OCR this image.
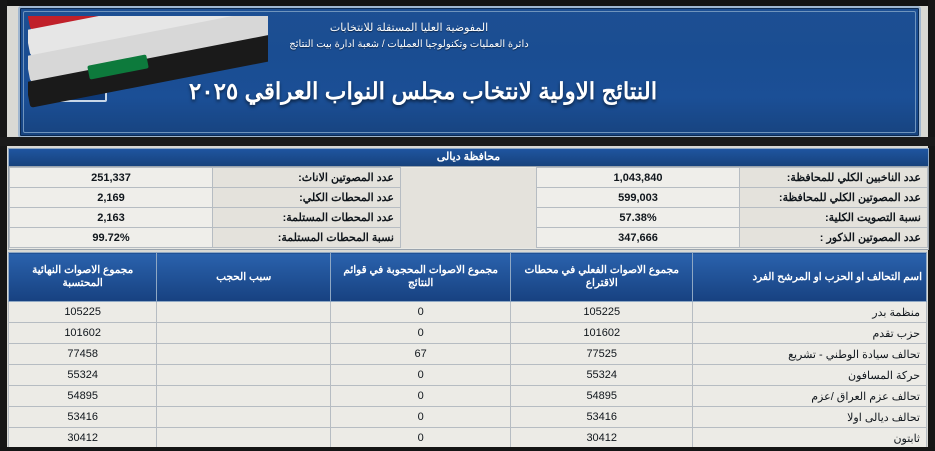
المفوضية العليا المستقلة للانتخابات
دائرة العمليات وتكنولوجيا العمليات / شعبة ادارة بيت النتائج
النتائج الاولية لانتخاب مجلس النواب العراقي ٢٠٢٥
محافظة ديالى
عدد الناخبين الكلي للمحافظة:	1,043,840		عدد المصوتين الاناث:	251,337
عدد المصوتين الكلي للمحافظة:	599,003		عدد المحطات الكلي:	2,169
نسبة التصويت الكلية:	57.38%		عدد المحطات المستلمة:	2,163
عدد المصوتين الذكور :	347,666		نسبة المحطات المستلمة:	99.72%
اسم التحالف او الحزب او المرشح الفرد	مجموع الاصوات الفعلي في محطات الاقتراع	مجموع الاصوات المحجوبة في قوائم النتائج	سبب الحجب	مجموع الاصوات النهائية المحتسبة
منظمة بدر	105225	0		105225
حزب تقدم	101602	0		101602
تحالف سيادة الوطني - تشريع	77525	67		77458
حركة المسافون	55324	0		55324
تحالف عزم العراق /عزم	54895	0		54895
تحالف ديالى اولا	53416	0		53416
ثابتون	30412	0		30412
